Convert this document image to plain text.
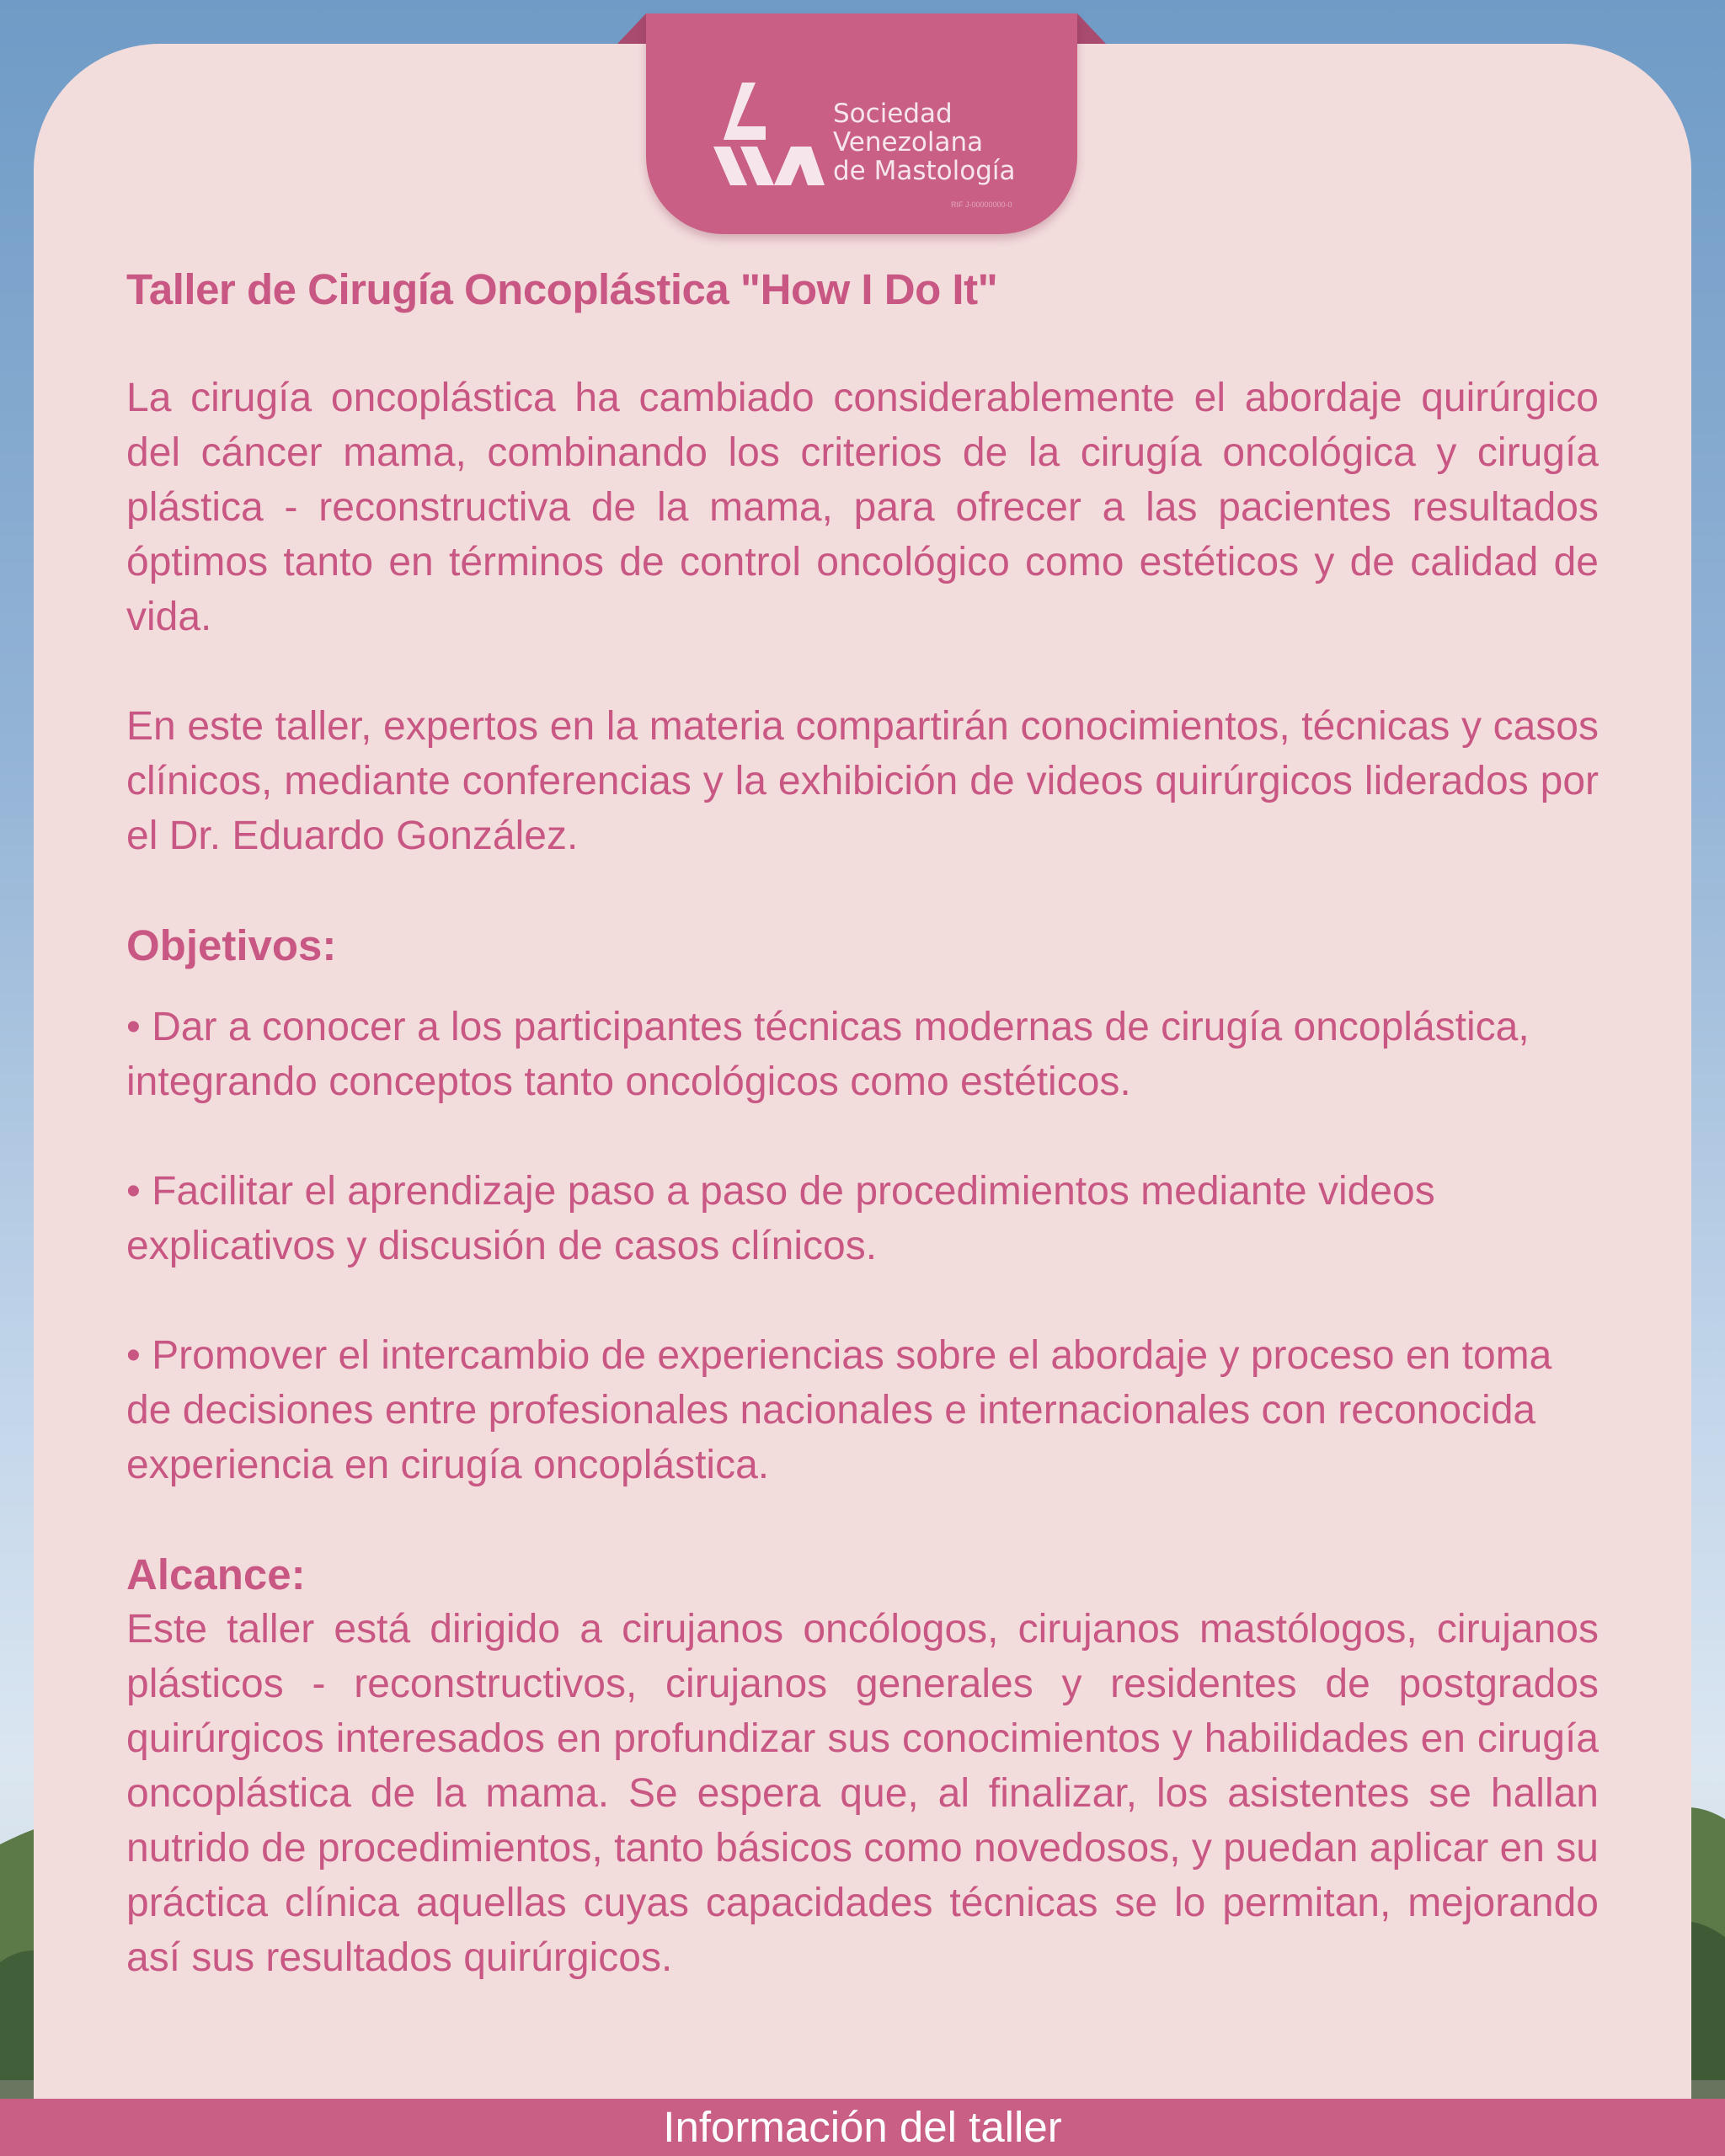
Sociedad
Venezolana
de Mastología
RIF J-00000000-0

Taller de Cirugía Oncoplástica "How I Do It"

La cirugía oncoplástica ha cambiado considerablemente el abordaje quirúrgico del cáncer mama, combinando los criterios de la cirugía oncológica y cirugía plástica - reconstructiva de la mama, para ofrecer a las pacientes resultados óptimos tanto en términos de control oncológico como estéticos y de calidad de vida.

En este taller, expertos en la materia compartirán conocimientos, técnicas y casos clínicos, mediante conferencias y la exhibición de videos quirúrgicos liderados por el Dr. Eduardo González.

Objetivos:

• Dar a conocer a los participantes técnicas modernas de cirugía oncoplástica, integrando conceptos tanto oncológicos como estéticos.

• Facilitar el aprendizaje paso a paso de procedimientos mediante videos explicativos y discusión de casos clínicos.

• Promover el intercambio de experiencias sobre el abordaje y proceso en toma de decisiones entre profesionales nacionales e internacionales con reconocida experiencia en cirugía oncoplástica.

Alcance:

Este taller está dirigido a cirujanos oncólogos, cirujanos mastólogos, cirujanos plásticos - reconstructivos, cirujanos generales y residentes de postgrados quirúrgicos interesados en profundizar sus conocimientos y habilidades en cirugía oncoplástica de la mama. Se espera que, al finalizar, los asistentes se hallan nutrido de procedimientos, tanto básicos como novedosos, y puedan aplicar en su práctica clínica aquellas cuyas capacidades técnicas se lo permitan, mejorando así sus resultados quirúrgicos.

Información del taller
